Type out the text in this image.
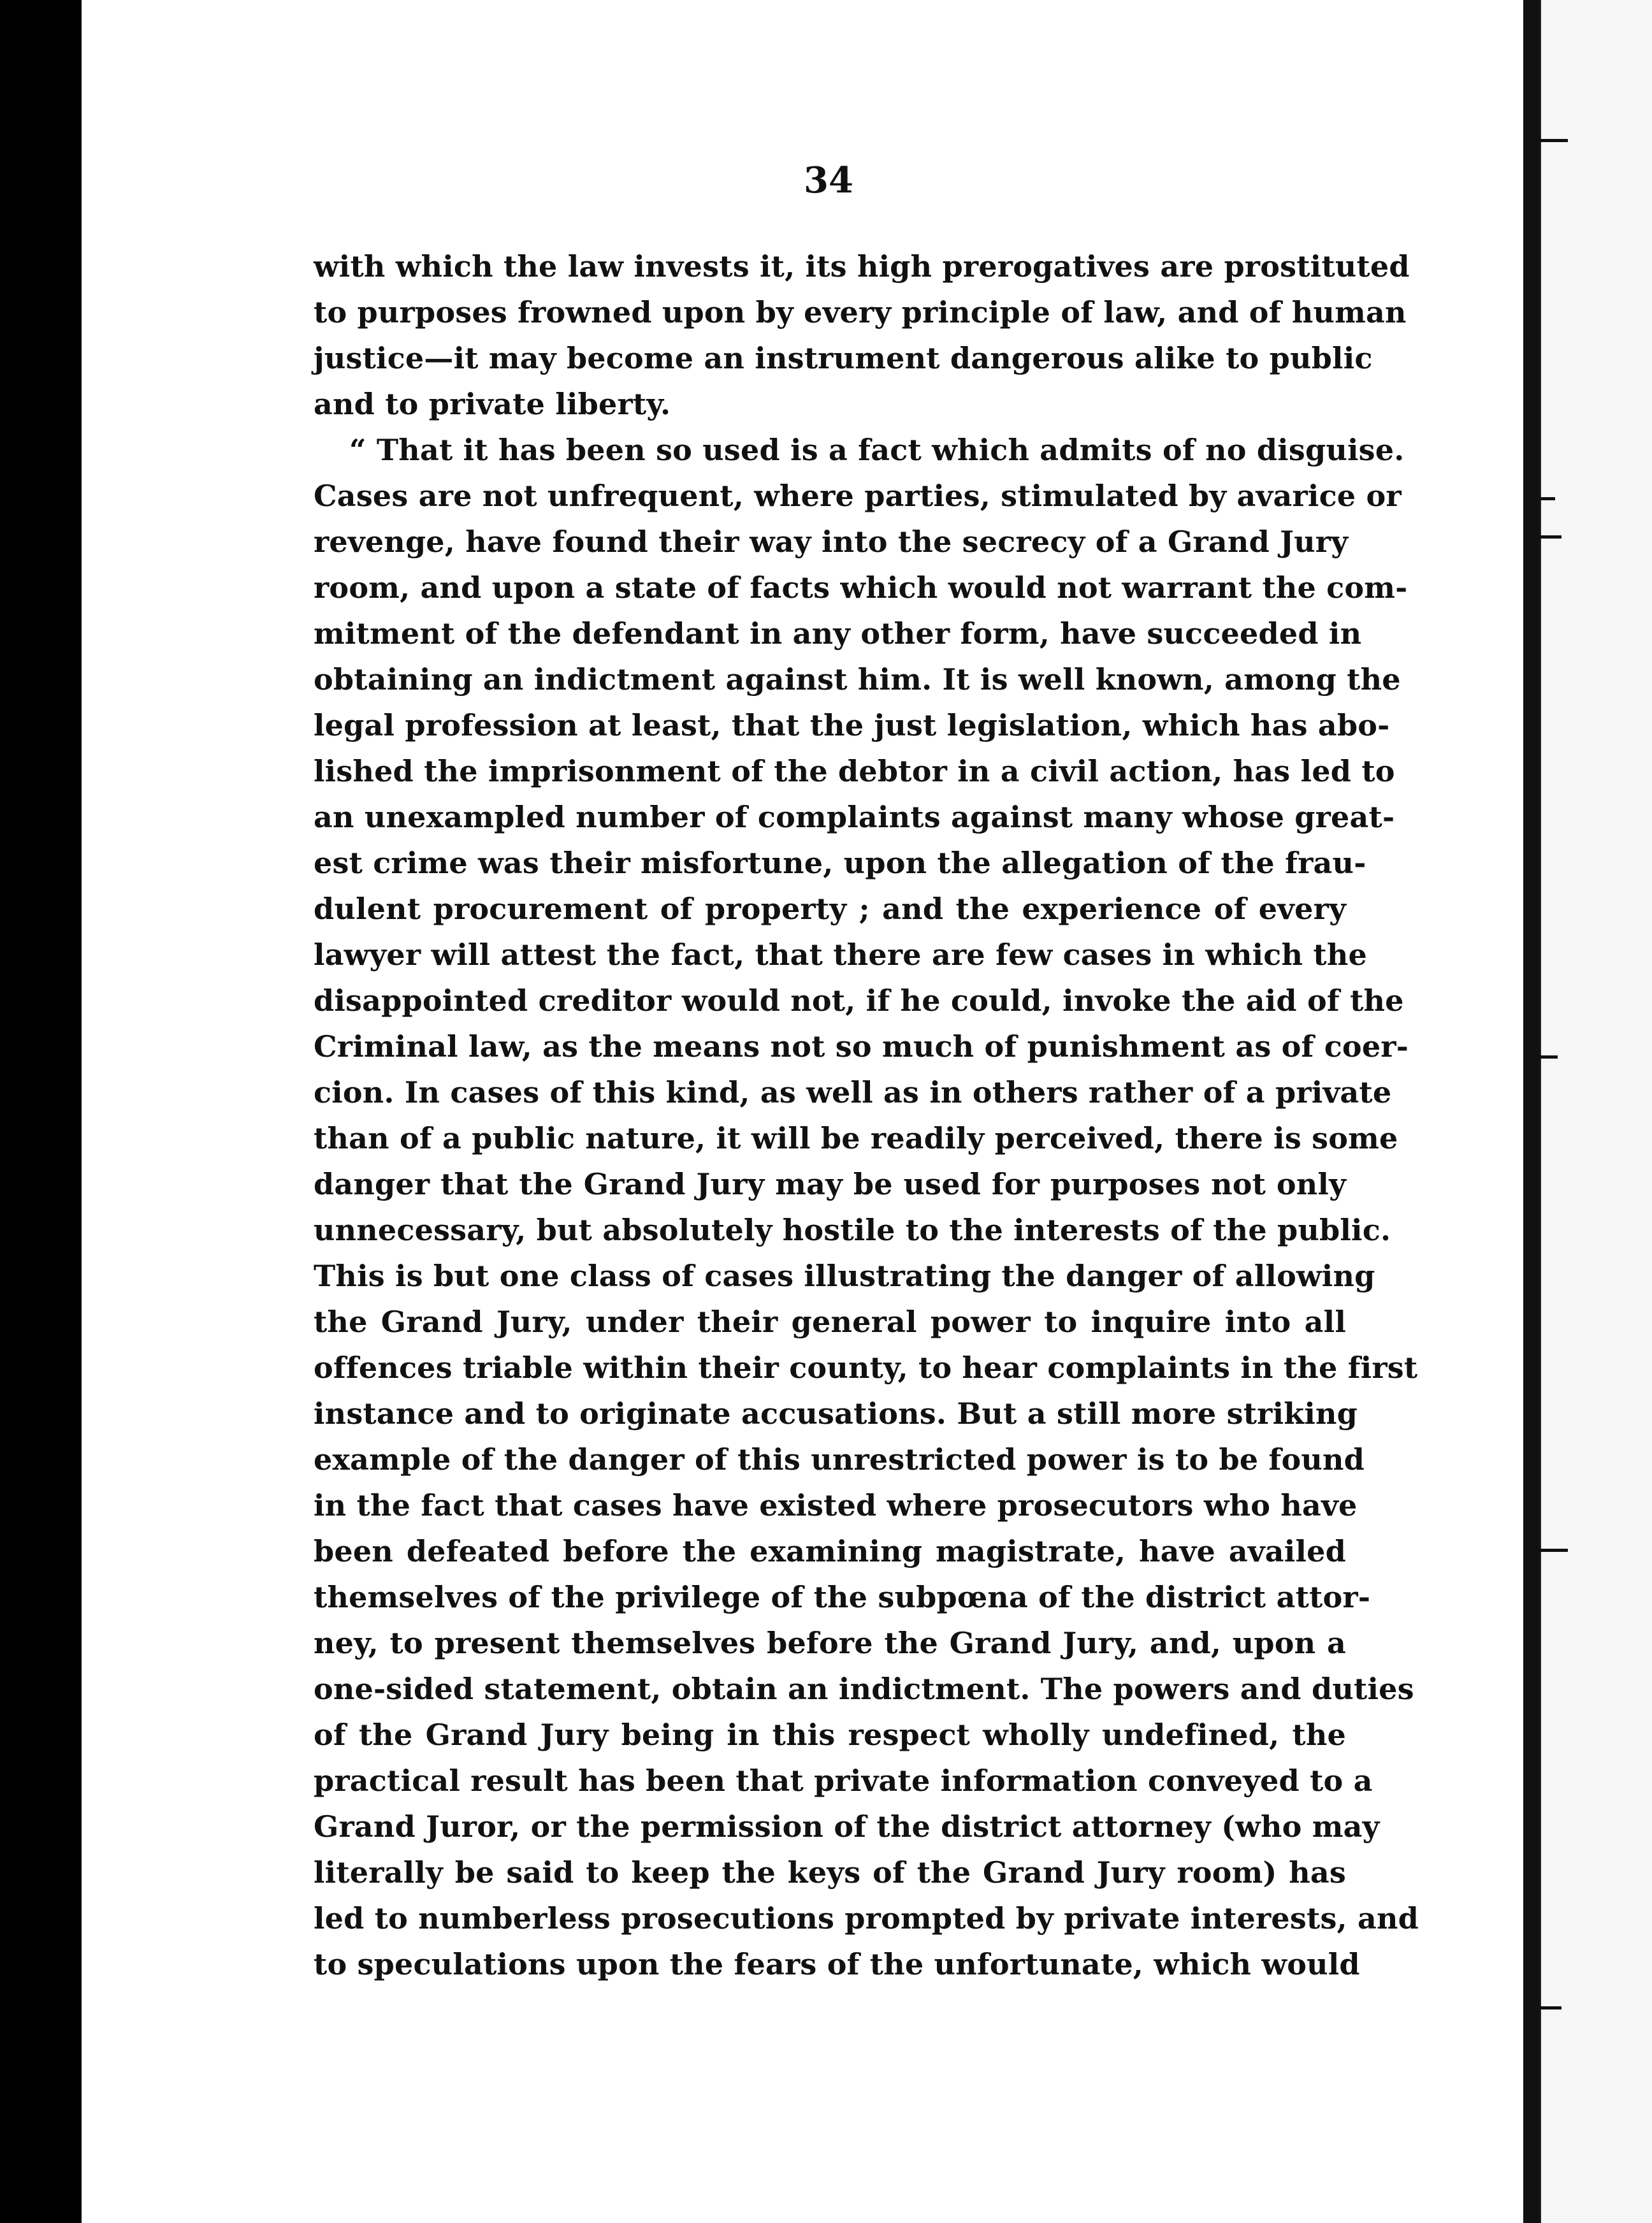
34
with which the law invests it, its high prerogatives are prostituted
to purposes frowned upon by every principle of law, and of human
justice—it may become an instrument dangerous alike to public
and to private liberty.
“ That it has been so used is a fact which admits of no disguise.
Cases are not unfrequent, where parties, stimulated by avarice or
revenge, have found their way into the secrecy of a Grand Jury
room, and upon a state of facts which would not warrant the com-
mitment of the defendant in any other form, have succeeded in
obtaining an indictment against him. It is well known, among the
legal profession at least, that the just legislation, which has abo-
lished the imprisonment of the debtor in a civil action, has led to
an unexampled number of complaints against many whose great-
est crime was their misfortune, upon the allegation of the frau-
dulent procurement of property ; and the experience of every
lawyer will attest the fact, that there are few cases in which the
disappointed creditor would not, if he could, invoke the aid of the
Criminal law, as the means not so much of punishment as of coer-
cion. In cases of this kind, as well as in others rather of a private
than of a public nature, it will be readily perceived, there is some
danger that the Grand Jury may be used for purposes not only
unnecessary, but absolutely hostile to the interests of the public.
This is but one class of cases illustrating the danger of allowing
the Grand Jury, under their general power to inquire into all
offences triable within their county, to hear complaints in the first
instance and to originate accusations. But a still more striking
example of the danger of this unrestricted power is to be found
in the fact that cases have existed where prosecutors who have
been defeated before the examining magistrate, have availed
themselves of the privilege of the subpœna of the district attor-
ney, to present themselves before the Grand Jury, and, upon a
one-sided statement, obtain an indictment. The powers and duties
of the Grand Jury being in this respect wholly undefined, the
practical result has been that private information conveyed to a
Grand Juror, or the permission of the district attorney (who may
literally be said to keep the keys of the Grand Jury room) has
led to numberless prosecutions prompted by private interests, and
to speculations upon the fears of the unfortunate, which would
